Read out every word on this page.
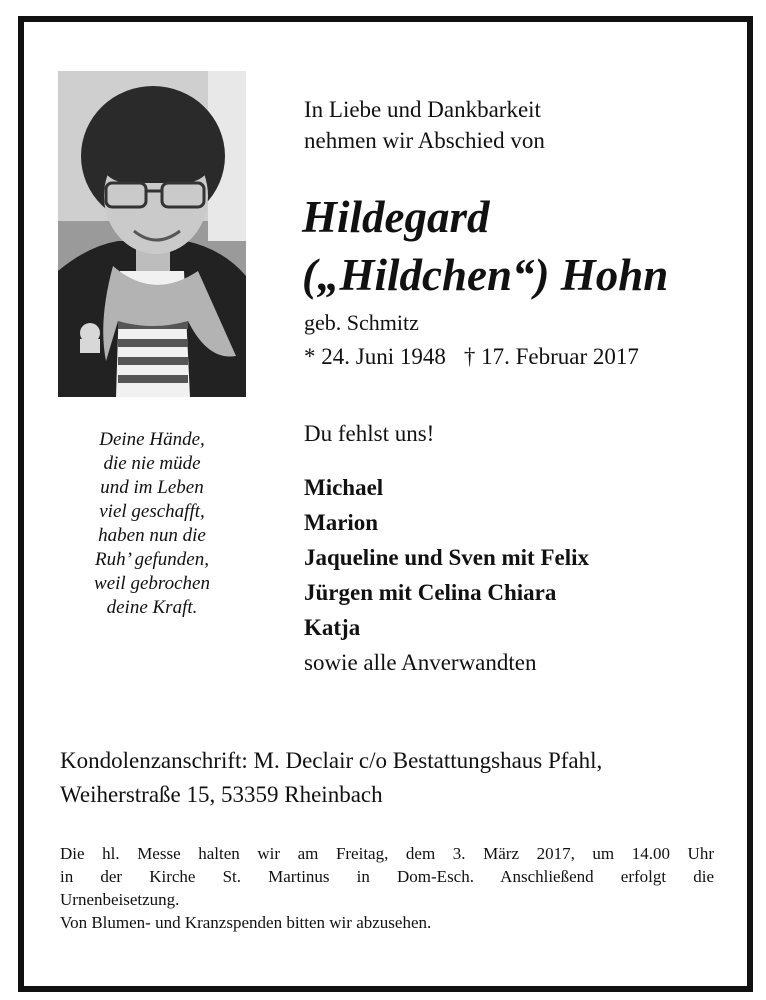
Deine Hände,
die nie müde
und im Leben
viel geschafft,
haben nun die
Ruh’ gefunden,
weil gebrochen
deine Kraft.
In Liebe und Dankbarkeit
nehmen wir Abschied von
Hildegard
(„Hildchen“) Hohn
geb. Schmitz
* 24. Juni 1948 † 17. Februar 2017
Du fehlst uns!
Michael
Marion
Jaqueline und Sven mit Felix
Jürgen mit Celina Chiara
Katja
sowie alle Anverwandten
Kondolenzanschrift: M. Declair c/o Bestattungshaus Pfahl,
Weiherstraße 15, 53359 Rheinbach
Die hl. Messe halten wir am Freitag, dem 3. März 2017, um 14.00 Uhr
in der Kirche St. Martinus in Dom-Esch. Anschließend erfolgt die
Urnenbeisetzung.
Von Blumen- und Kranzspenden bitten wir abzusehen.
